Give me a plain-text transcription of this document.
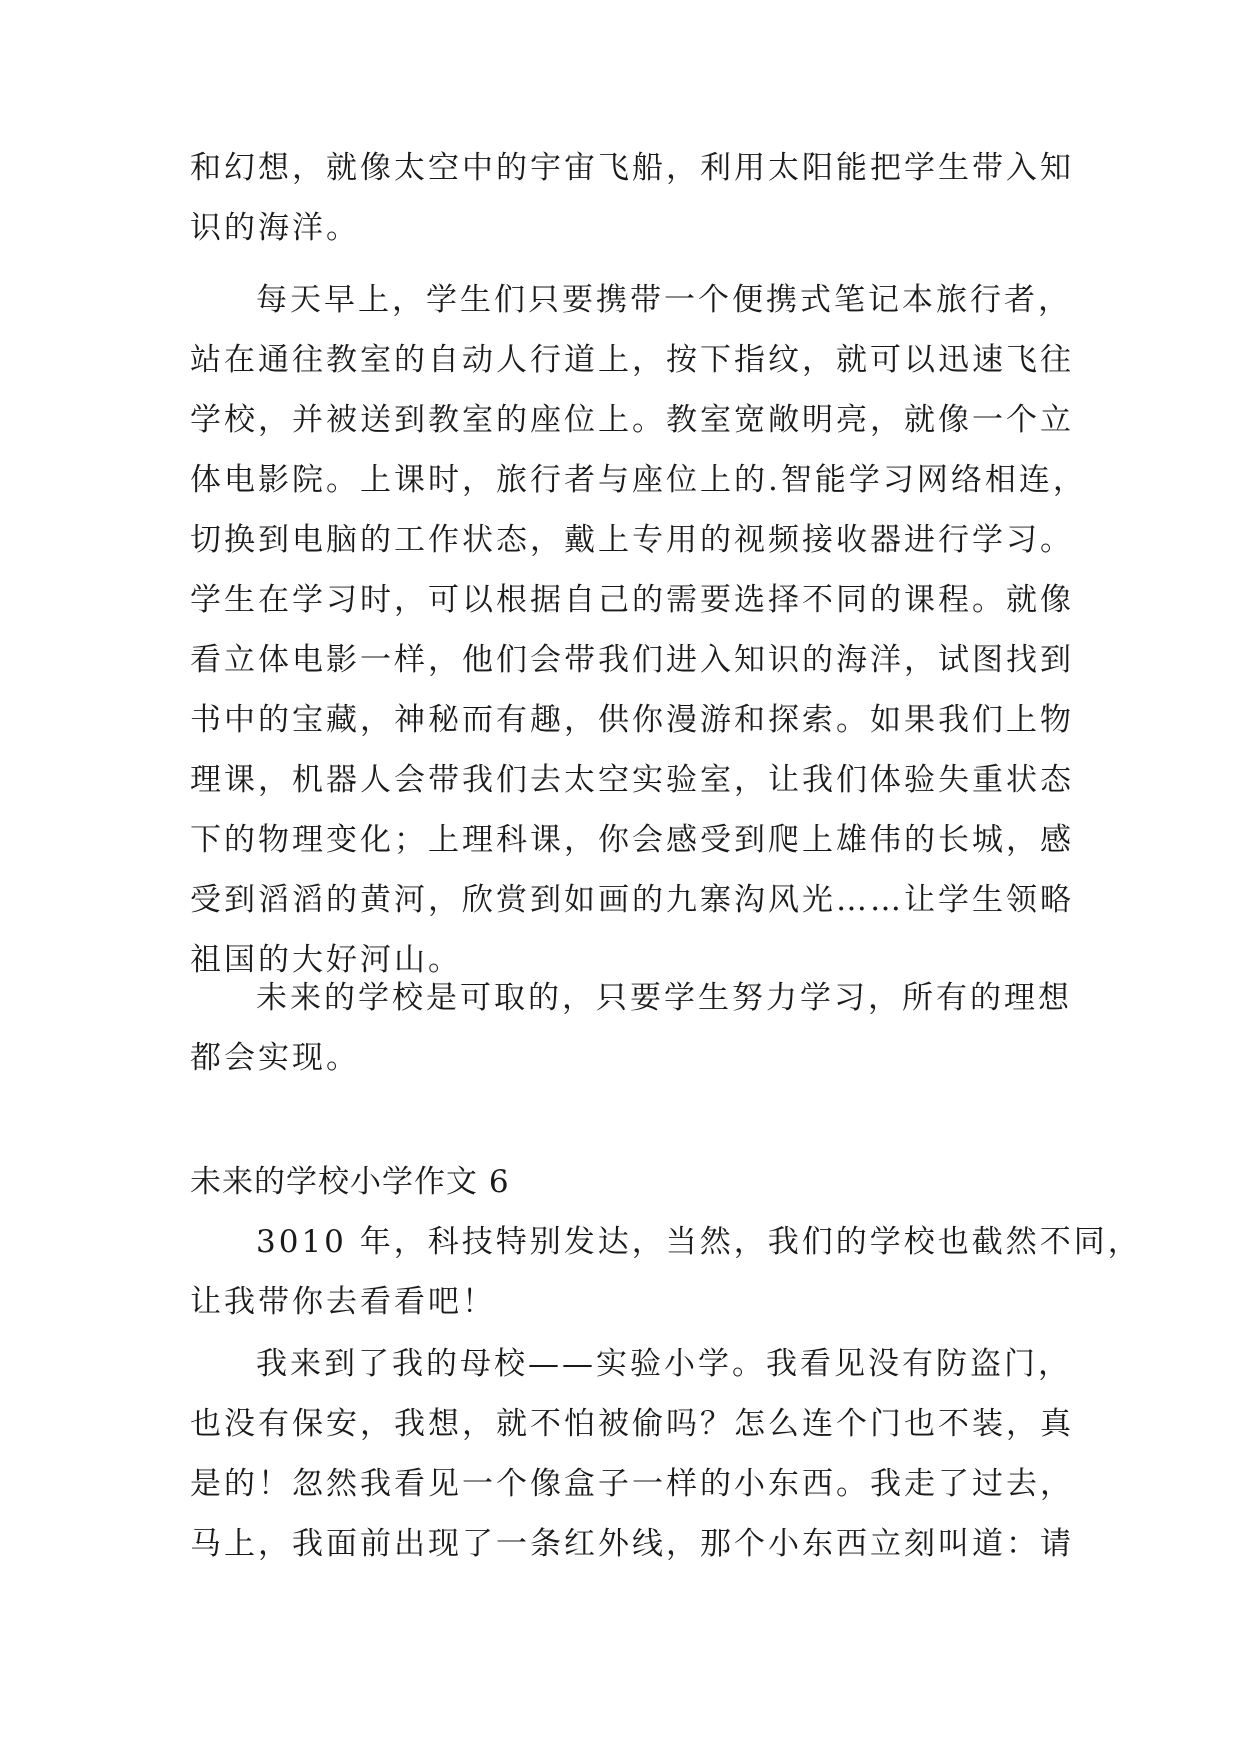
和幻想，就像太空中的宇宙飞船，利用太阳能把学生带入知
识的海洋。
每天早上，学生们只要携带一个便携式笔记本旅行者，
站在通往教室的自动人行道上，按下指纹，就可以迅速飞往
学校，并被送到教室的座位上。教室宽敞明亮，就像一个立
体电影院。上课时，旅行者与座位上的.智能学习网络相连，
切换到电脑的工作状态，戴上专用的视频接收器进行学习。
学生在学习时，可以根据自己的需要选择不同的课程。就像
看立体电影一样，他们会带我们进入知识的海洋，试图找到
书中的宝藏，神秘而有趣，供你漫游和探索。如果我们上物
理课，机器人会带我们去太空实验室，让我们体验失重状态
下的物理变化；上理科课，你会感受到爬上雄伟的长城，感
受到滔滔的黄河，欣赏到如画的九寨沟风光……让学生领略
祖国的大好河山。
未来的学校是可取的，只要学生努力学习，所有的理想
都会实现。
未来的学校小学作文 6
3010 年，科技特别发达，当然，我们的学校也截然不同，
让我带你去看看吧！
我来到了我的母校——实验小学。我看见没有防盗门，
也没有保安，我想，就不怕被偷吗？怎么连个门也不装，真
是的！忽然我看见一个像盒子一样的小东西。我走了过去，
马上，我面前出现了一条红外线，那个小东西立刻叫道：请
